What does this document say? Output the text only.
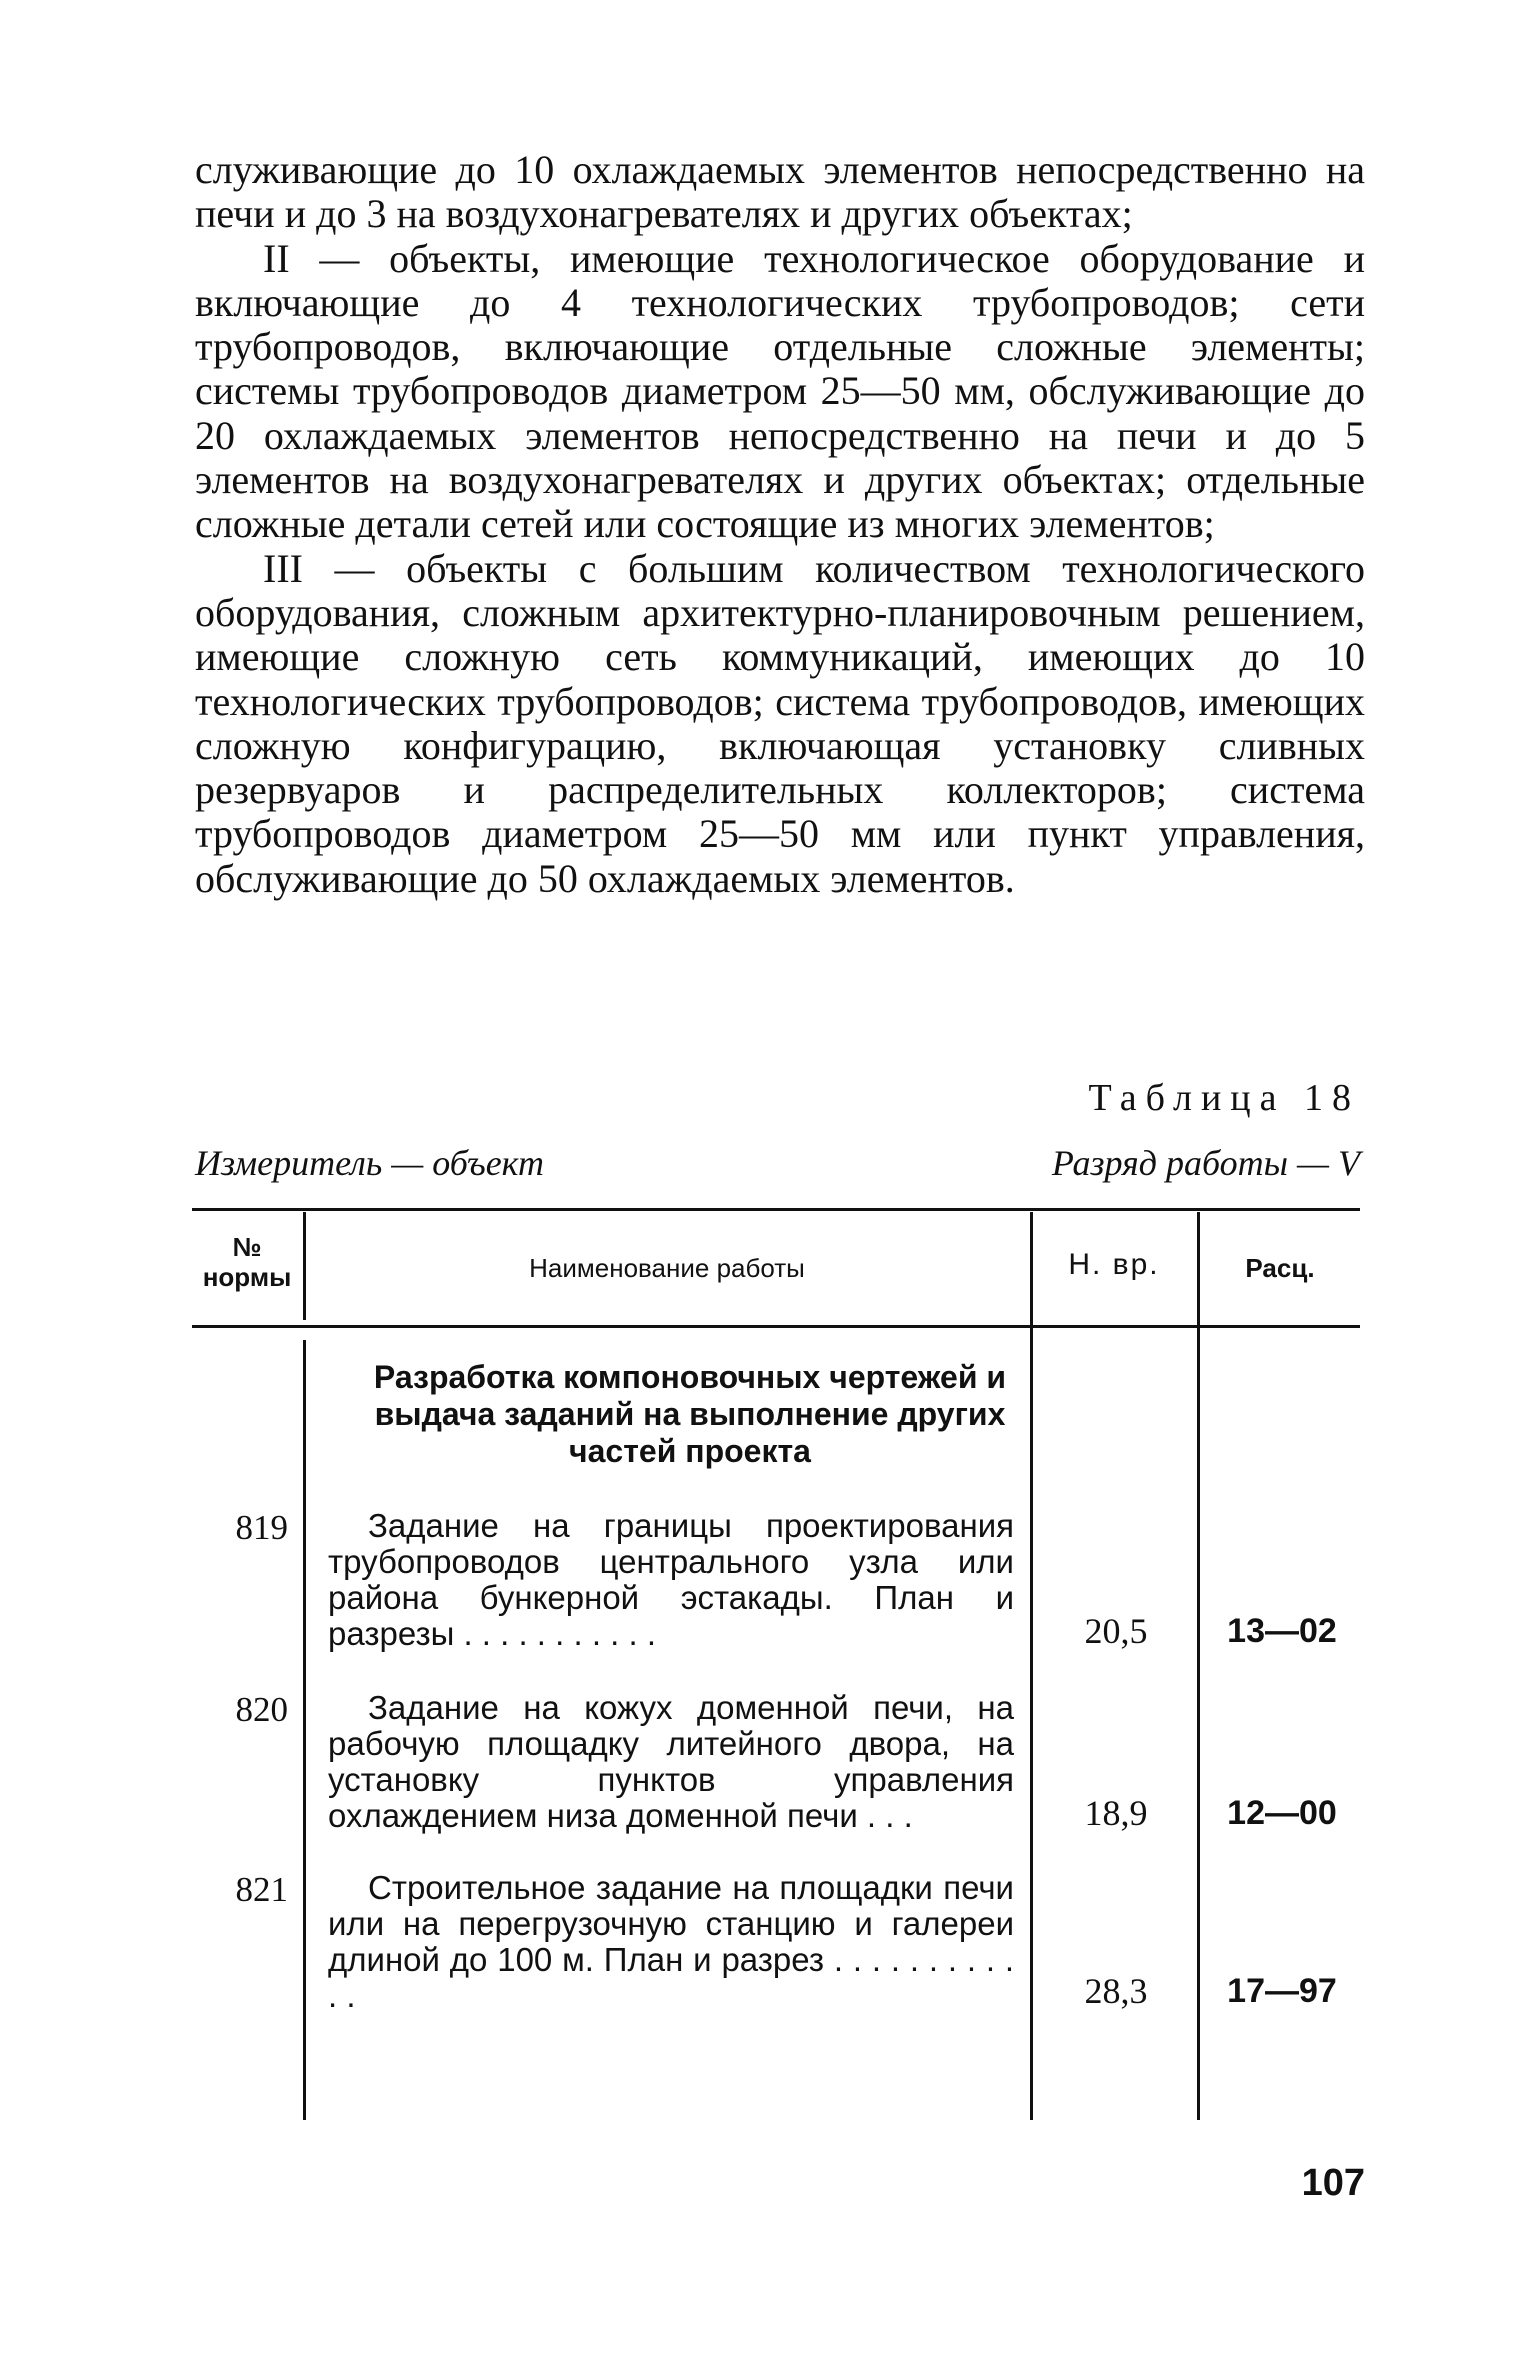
служивающие до 10 охлаждаемых элементов непосредственно на печи и до 3 на воздухонагревателях и других объектах;

II — объекты, имеющие технологическое оборудование и включающие до 4 технологических трубопроводов; сети трубопроводов, включающие отдельные сложные элементы; системы трубопроводов диаметром 25—50 мм, обслуживающие до 20 охлаждаемых элементов непосредственно на печи и до 5 элементов на воздухонагревателях и других объектах; отдельные сложные детали сетей или состоящие из многих элементов;

III — объекты с большим количеством технологического оборудования, сложным архитектурно-планировочным решением, имеющие сложную сеть коммуникаций, имеющих до 10 технологических трубопроводов; система трубопроводов, имеющих сложную конфигурацию, включающая установку сливных резервуаров и распределительных коллекторов; система трубопроводов диаметром 25—50 мм или пункт управления, обслуживающие до 50 охлаждаемых элементов.

Таблица 18
Измеритель — объект	Разряд работы — V
№
нормы	Наименование работы	Н. вр.	Расц.
Разработка компоновочных чертежей и выдача заданий на выполнение других частей проекта
819	Задание на границы проектирования трубопроводов центрального узла или района бункерной эстакады. План и разрезы . . . . . . . . . . .	20,5	13—02
820	Задание на кожух доменной печи, на рабочую площадку литейного двора, на установку пунктов управления охлаждением низа доменной печи . . .	18,9	12—00
821	Строительное задание на площадки печи или на перегрузочную станцию и галереи длиной до 100 м. План и разрез . . . . . . . . . . . .	28,3	17—97
107
